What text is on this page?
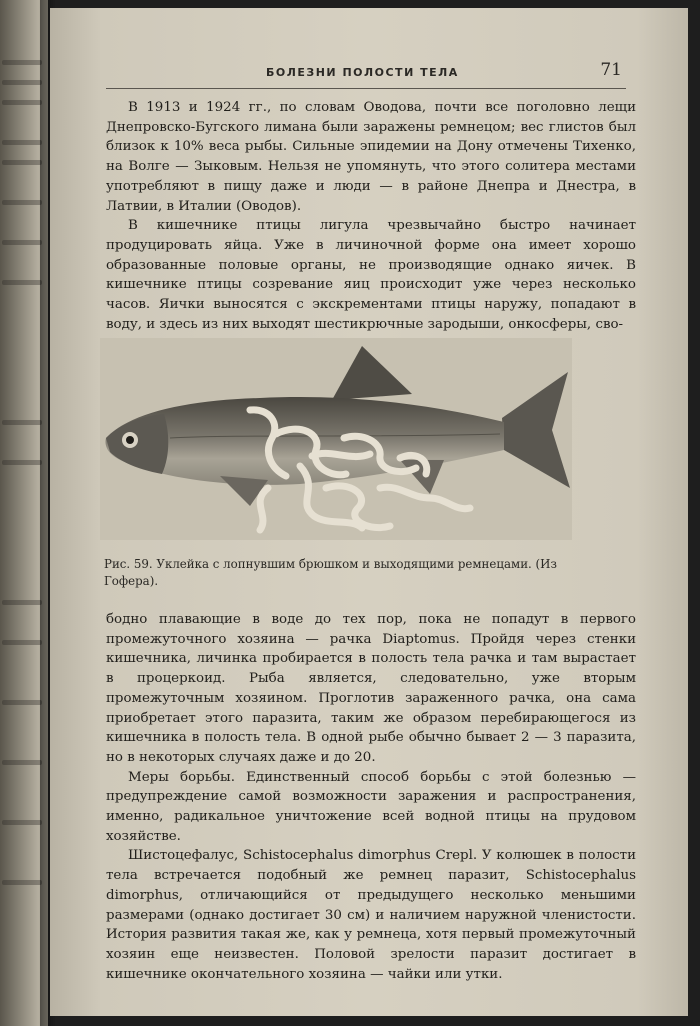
БОЛЕЗНИ ПОЛОСТИ ТЕЛА	71

В 1913 и 1924 гг., по словам Оводова, почти все поголовно лещи Днепровско-Бугского лимана были заражены ремнецом; вес глистов был близок к 10% веса рыбы. Сильные эпидемии на Дону отмечены Тихенко, на Волге — Зыковым. Нельзя не упомянуть, что этого солитера местами употребляют в пищу даже и люди — в районе Днепра и Днестра, в Латвии, в Италии (Оводов).

В кишечнике птицы лигула чрезвычайно быстро начинает продуцировать яйца. Уже в личиночной форме она имеет хорошо образованные половые органы, не производящие однако яичек. В кишечнике птицы созревание яиц происходит уже через несколько часов. Яички выносятся с экскрементами птицы наружу, попадают в воду, и здесь из них выходят шестикрючные зародыши, онкосферы, сво-

Рис. 59. Уклейка с лопнувшим брюшком и выходящими ремнецами. (Из Гофера).

бодно плавающие в воде до тех пор, пока не попадут в первого промежуточного хозяина — рачка Diaptomus. Пройдя через стенки кишечника, личинка пробирается в полость тела рачка и там вырастает в процеркоид. Рыба является, следовательно, уже вторым промежуточным хозяином. Проглотив зараженного рачка, она сама приобретает этого паразита, таким же образом перебирающегося из кишечника в полость тела. В одной рыбе обычно бывает 2 — 3 паразита, но в некоторых случаях даже и до 20.

Меры борьбы. Единственный способ борьбы с этой болезнью — предупреждение самой возможности заражения и распространения, именно, радикальное уничтожение всей водной птицы на прудовом хозяйстве.

Шистоцефалус, Schistocephalus dimorphus Crepl. У колюшек в полости тела встречается подобный же ремнец паразит, Schistocephalus dimorphus, отличающийся от предыдущего несколько меньшими размерами (однако достигает 30 см) и наличием наружной членистости. История развития такая же, как у ремнеца, хотя первый промежуточный хозяин еще неизвестен. Половой зрелости паразит достигает в кишечнике окончательного хозяина — чайки или утки.
